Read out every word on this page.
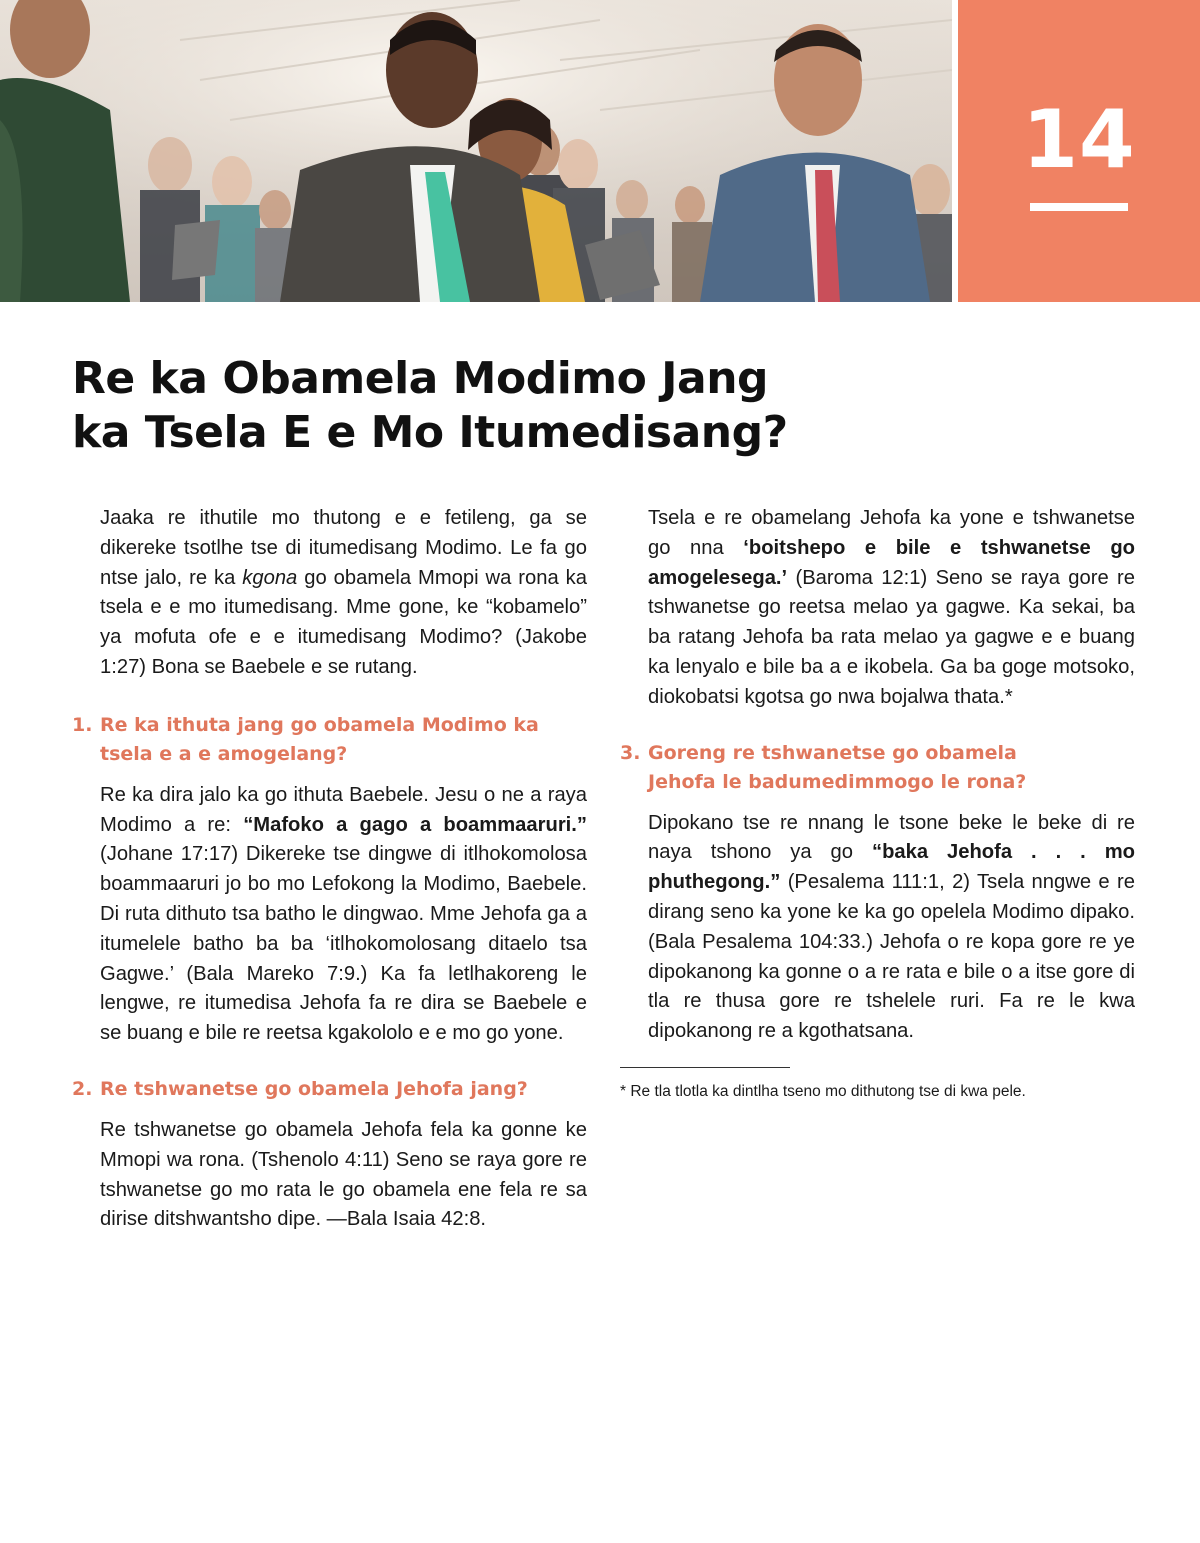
14
Re ka Obamela Modimo Jang
ka Tsela E e Mo Itumedisang?

Jaaka re ithutile mo thutong e e fetileng, ga se dikereke tsotlhe tse di itumedisang Modimo. Le fa go ntse jalo, re ka kgona go obamela Mmopi wa rona ka tsela e e mo itumedisang. Mme gone, ke “kobamelo” ya mofuta ofe e e itumedisang Modimo? (Jakobe 1:27) Bona se Baebele e se rutang.

1. Re ka ithuta jang go obamela Modimo ka tsela e a e amogelang?

Re ka dira jalo ka go ithuta Baebele. Jesu o ne a raya Modimo a re: “Mafoko a gago a boammaaruri.” (Johane 17:17) Dikereke tse dingwe di itlhokomolosa boammaaruri jo bo mo Lefokong la Modimo, Baebele. Di ruta dithuto tsa batho le dingwao. Mme Jehofa ga a itumelele batho ba ba ‘itlhokomolosang ditaelo tsa Gagwe.’ (Bala Mareko 7:9.) Ka fa letlhakoreng le lengwe, re itumedisa Jehofa fa re dira se Baebele e se buang e bile re reetsa kgakololo e e mo go yone.

2. Re tshwanetse go obamela Jehofa jang?

Re tshwanetse go obamela Jehofa fela ka gonne ke Mmopi wa rona. (Tshenolo 4:11) Seno se raya gore re tshwanetse go mo rata le go obamela ene fela re sa dirise ditshwantsho dipe. —Bala Isaia 42:8.

Tsela e re obamelang Jehofa ka yone e tshwanetse go nna ‘boitshepo e bile e tshwanetse go amogelesega.’ (Baroma 12:1) Seno se raya gore re tshwanetse go reetsa melao ya gagwe. Ka sekai, ba ba ratang Jehofa ba rata melao ya gagwe e e buang ka lenyalo e bile ba a e ikobela. Ga ba goge motsoko, diokobatsi kgotsa go nwa bojalwa thata.*

3. Goreng re tshwanetse go obamela Jehofa le badumedimmogo le rona?

Dipokano tse re nnang le tsone beke le beke di re naya tshono ya go “baka Jehofa . . . mo phuthegong.” (Pesalema 111:1, 2) Tsela nngwe e re dirang seno ka yone ke ka go opelela Modimo dipako. (Bala Pesalema 104:33.) Jehofa o re kopa gore re ye dipokanong ka gonne o a re rata e bile o a itse gore di tla re thusa gore re tshelele ruri. Fa re le kwa dipokanong re a kgothatsana.

* Re tla tlotla ka dintlha tseno mo dithutong tse di kwa pele.
